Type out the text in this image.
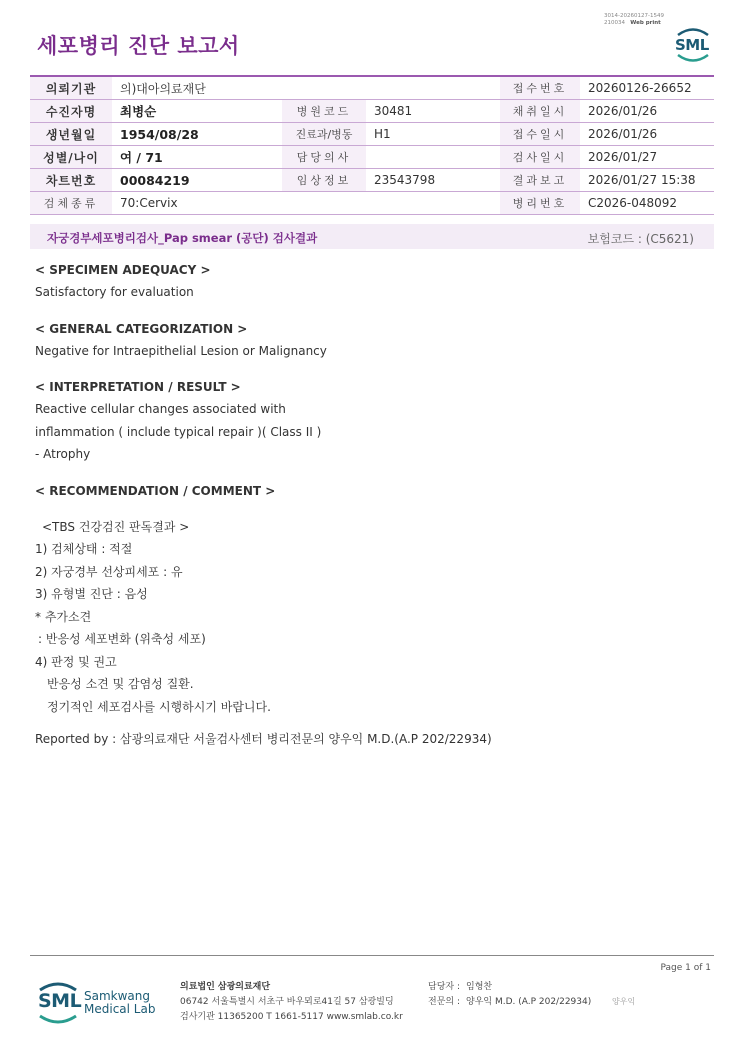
세포병리 진단 보고서
3014-20260127-1549
210034 Web print
SML
의뢰기관	의)대아의료재단			접수번호	20260126-26652
수진자명	최병순	병원코드	30481	채취일시	2026/01/26
생년월일	1954/08/28	진료과/병동	H1	접수일시	2026/01/26
성별/나이	여 / 71	담당의사		검사일시	2026/01/27
차트번호	00084219	임상정보	23543798	결과보고	2026/01/27 15:38
검체종류	70:Cervix			병리번호	C2026-048092
자궁경부세포병리검사_Pap smear (공단) 검사결과	보험코드 : (C5621)
< SPECIMEN ADEQUACY >
Satisfactory for evaluation
< GENERAL CATEGORIZATION >
Negative for Intraepithelial Lesion or Malignancy
< INTERPRETATION / RESULT >
Reactive cellular changes associated with
inflammation ( include typical repair )( Class II )
- Atrophy
< RECOMMENDATION / COMMENT >
<TBS 건강검진 판독결과 >
1) 검체상태 : 적절
2) 자궁경부 선상피세포 : 유
3) 유형별 진단 : 음성
* 추가소견
: 반응성 세포변화 (위축성 세포)
4) 판정 및 권고
반응성 소견 및 감염성 질환.
정기적인 세포검사를 시행하시기 바랍니다.
Reported by : 삼광의료재단 서울검사센터 병리전문의 양우익 M.D.(A.P 202/22934)
Page 1 of 1
SML Samkwang
Medical Lab
의료법인 삼광의료재단
06742 서울특별시 서초구 바우뫼로41길 57 삼광빌딩
검사기관 11365200 T 1661-5117 www.smlab.co.kr
담당자 : 임형찬
전문의 : 양우익 M.D. (A.P 202/22934)	양우익
